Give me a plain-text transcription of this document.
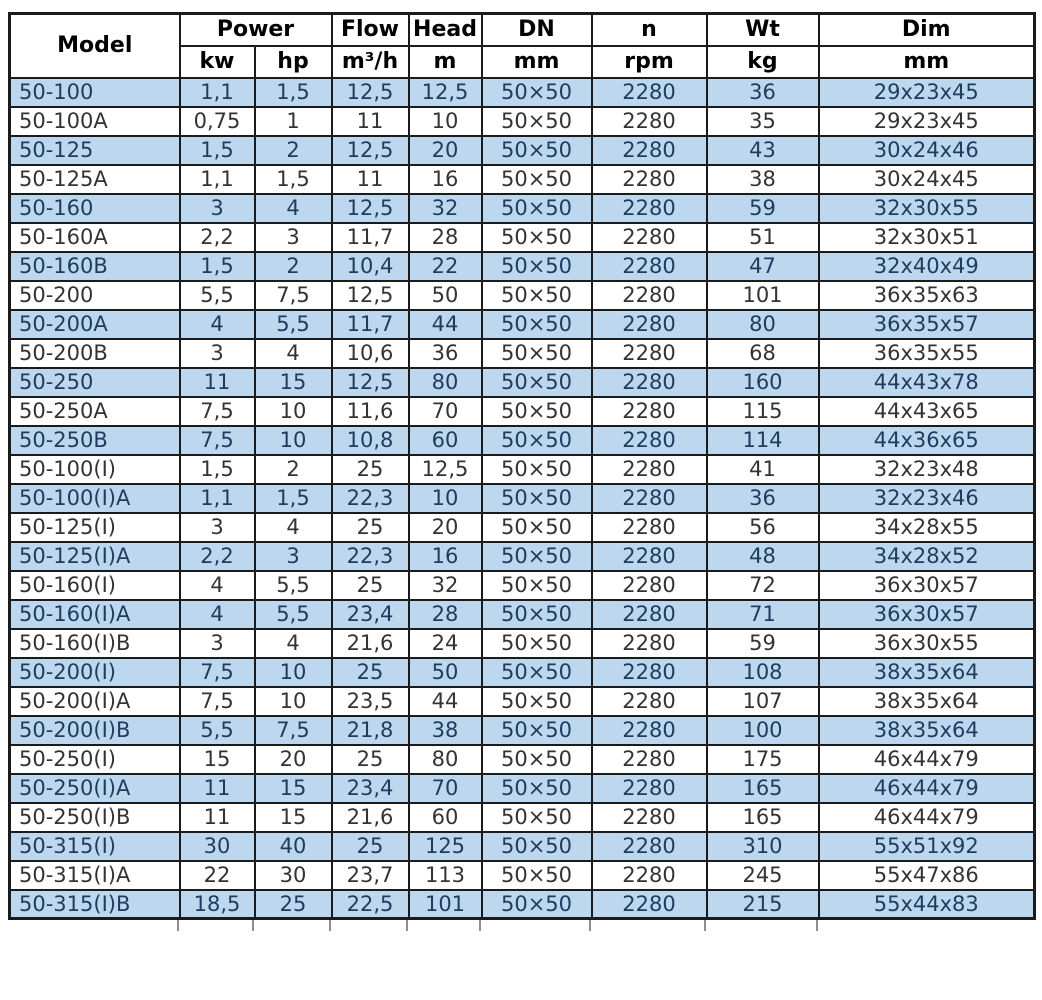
Model	Power		Flow	Head	DN	n	Wt	Dim
	kw	hp	m³/h	m	mm	rpm	kg	mm
50-100	1,1	1,5	12,5	12,5	50×50	2280	36	29x23x45
50-100A	0,75	1	11	10	50×50	2280	35	29x23x45
50-125	1,5	2	12,5	20	50×50	2280	43	30x24x46
50-125A	1,1	1,5	11	16	50×50	2280	38	30x24x45
50-160	3	4	12,5	32	50×50	2280	59	32x30x55
50-160A	2,2	3	11,7	28	50×50	2280	51	32x30x51
50-160B	1,5	2	10,4	22	50×50	2280	47	32x40x49
50-200	5,5	7,5	12,5	50	50×50	2280	101	36x35x63
50-200A	4	5,5	11,7	44	50×50	2280	80	36x35x57
50-200B	3	4	10,6	36	50×50	2280	68	36x35x55
50-250	11	15	12,5	80	50×50	2280	160	44x43x78
50-250A	7,5	10	11,6	70	50×50	2280	115	44x43x65
50-250B	7,5	10	10,8	60	50×50	2280	114	44x36x65
50-100(I)	1,5	2	25	12,5	50×50	2280	41	32x23x48
50-100(I)A	1,1	1,5	22,3	10	50×50	2280	36	32x23x46
50-125(I)	3	4	25	20	50×50	2280	56	34x28x55
50-125(I)A	2,2	3	22,3	16	50×50	2280	48	34x28x52
50-160(I)	4	5,5	25	32	50×50	2280	72	36x30x57
50-160(I)A	4	5,5	23,4	28	50×50	2280	71	36x30x57
50-160(I)B	3	4	21,6	24	50×50	2280	59	36x30x55
50-200(I)	7,5	10	25	50	50×50	2280	108	38x35x64
50-200(I)A	7,5	10	23,5	44	50×50	2280	107	38x35x64
50-200(I)B	5,5	7,5	21,8	38	50×50	2280	100	38x35x64
50-250(I)	15	20	25	80	50×50	2280	175	46x44x79
50-250(I)A	11	15	23,4	70	50×50	2280	165	46x44x79
50-250(I)B	11	15	21,6	60	50×50	2280	165	46x44x79
50-315(I)	30	40	25	125	50×50	2280	310	55x51x92
50-315(I)A	22	30	23,7	113	50×50	2280	245	55x47x86
50-315(I)B	18,5	25	22,5	101	50×50	2280	215	55x44x83
